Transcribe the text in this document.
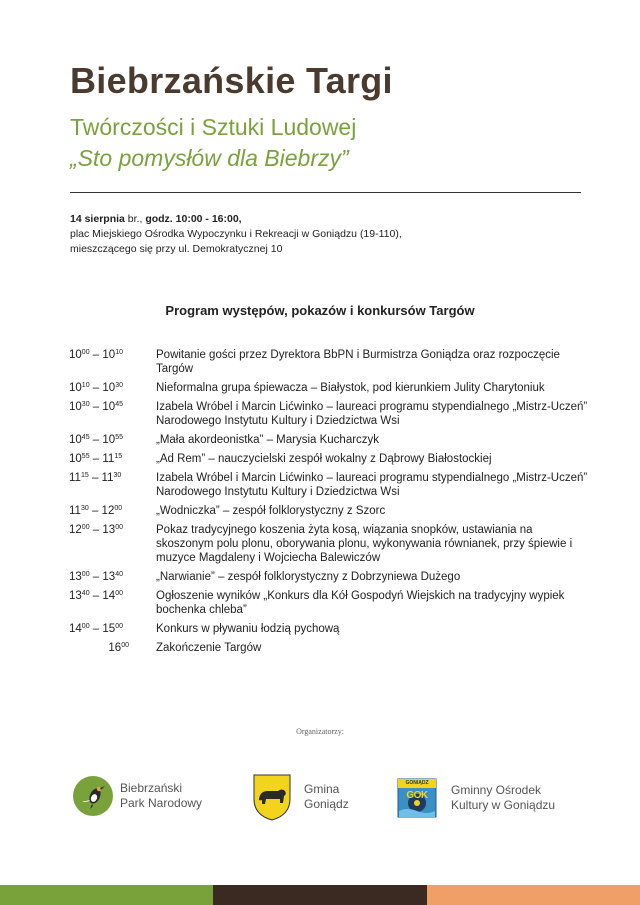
Biebrzańskie Targi
Twórczości i Sztuki Ludowej
„Sto pomysłów dla Biebrzy”
14 sierpnia br., godz. 10:00 - 16:00,
plac Miejskiego Ośrodka Wypoczynku i Rekreacji w Goniądzu (19-110),
mieszczącego się przy ul. Demokratycznej 10
Program występów, pokazów i konkursów Targów
$10^{00} - 10^{10}$	Powitanie gości przez Dyrektora BbPN i Burmistrza Goniądza oraz rozpoczęcie Targów
$10^{10} - 10^{30}$	Nieformalna grupa śpiewacza – Białystok, pod kierunkiem Julity Charytoniuk
$10^{30} - 10^{45}$	Izabela Wróbel i Marcin Lićwinko – laureaci programu stypendialnego „Mistrz-Uczeń” Narodowego Instytutu Kultury i Dziedzictwa Wsi
$10^{45} - 10^{55}$	„Mała akordeonistka” – Marysia Kucharczyk
$10^{55} - 11^{15}$	„Ad Rem” – nauczycielski zespół wokalny z Dąbrowy Białostockiej
$11^{15} - 11^{30}$	Izabela Wróbel i Marcin Lićwinko – laureaci programu stypendialnego „Mistrz-Uczeń” Narodowego Instytutu Kultury i Dziedzictwa Wsi
$11^{30} - 12^{00}$	„Wodniczka” – zespół folklorystyczny z Szorc
$12^{00} - 13^{00}$	Pokaz tradycyjnego koszenia żyta kosą, wiązania snopków, ustawiania na skoszonym polu plonu, oborywania plonu, wykonywania równianek, przy śpiewie i muzyce Magdaleny i Wojciecha Balewiczów
$13^{00} - 13^{40}$	„Narwianie” – zespół folklorystyczny z Dobrzyniewa Dużego
$13^{40} - 14^{00}$	Ogłoszenie wyników „Konkurs dla Kół Gospodyń Wiejskich na tradycyjny wypiek bochenka chleba”
$14^{00} - 15^{00}$	Konkurs w pływaniu łodzią pychową
$16^{00}$	Zakończenie Targów
Organizatorzy:
Biebrzański
Park Narodowy
Gmina
Goniądz
GONIĄDZ
GOK	Gminny Ośrodek
Kultury w Goniądzu
